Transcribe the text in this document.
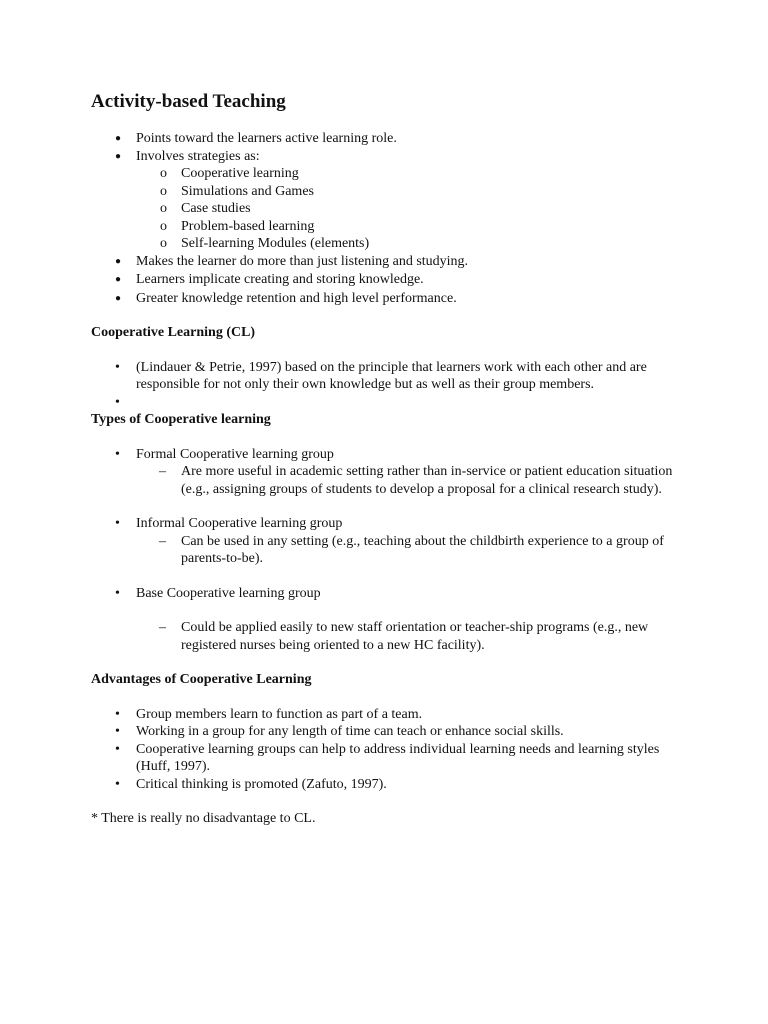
Activity-based Teaching
● Points toward the learners active learning role.
● Involves strategies as:
o Cooperative learning
o Simulations and Games
o Case studies
o Problem-based learning
o Self-learning Modules (elements)
● Makes the learner do more than just listening and studying.
● Learners implicate creating and storing knowledge.
● Greater knowledge retention and high level performance.
Cooperative Learning (CL)
• (Lindauer & Petrie, 1997) based on the principle that learners work with each other and are responsible for not only their own knowledge but as well as their group members.
•
Types of Cooperative learning
• Formal Cooperative learning group
– Are more useful in academic setting rather than in-service or patient education situation (e.g., assigning groups of students to develop a proposal for a clinical research study).
• Informal Cooperative learning group
– Can be used in any setting (e.g., teaching about the childbirth experience to a group of parents-to-be).
• Base Cooperative learning group
– Could be applied easily to new staff orientation or teacher-ship programs (e.g., new registered nurses being oriented to a new HC facility).
Advantages of Cooperative Learning
• Group members learn to function as part of a team.
• Working in a group for any length of time can teach or enhance social skills.
• Cooperative learning groups can help to address individual learning needs and learning styles (Huff, 1997).
• Critical thinking is promoted (Zafuto, 1997).

* There is really no disadvantage to CL.
